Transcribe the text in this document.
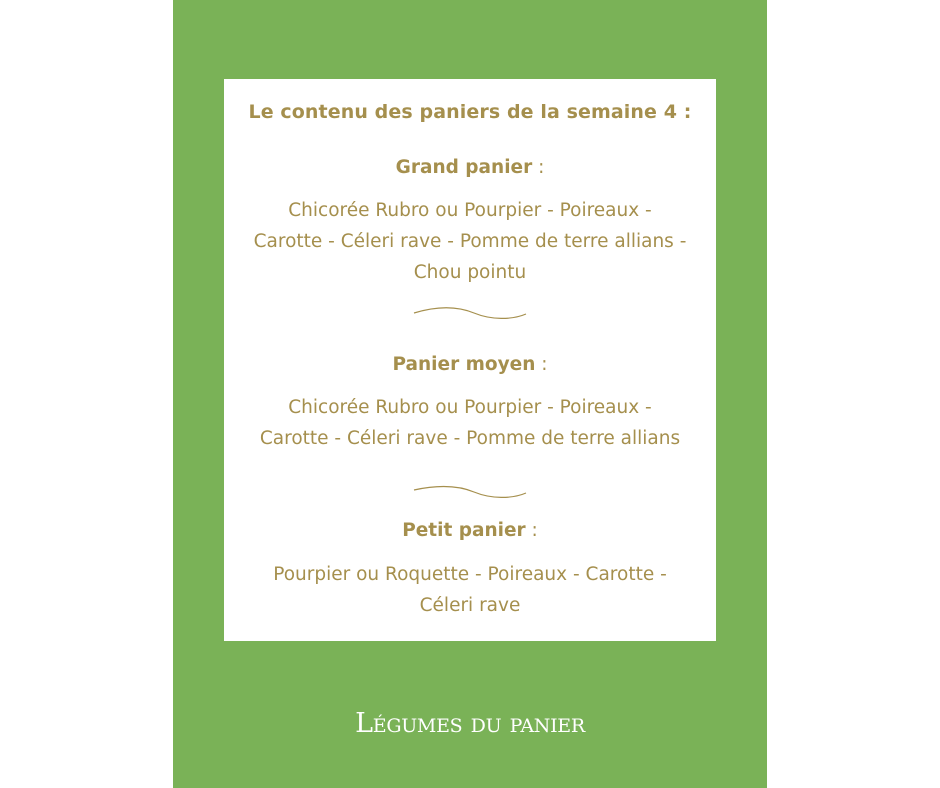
Le contenu des paniers de la semaine 4 :
Grand panier :
Chicorée Rubro ou Pourpier - Poireaux -
Carotte - Céleri rave - Pomme de terre allians -
Chou pointu
Panier moyen :
Chicorée Rubro ou Pourpier - Poireaux -
Carotte - Céleri rave - Pomme de terre allians
Petit panier :
Pourpier ou Roquette - Poireaux - Carotte -
Céleri rave
Légumes du panier
